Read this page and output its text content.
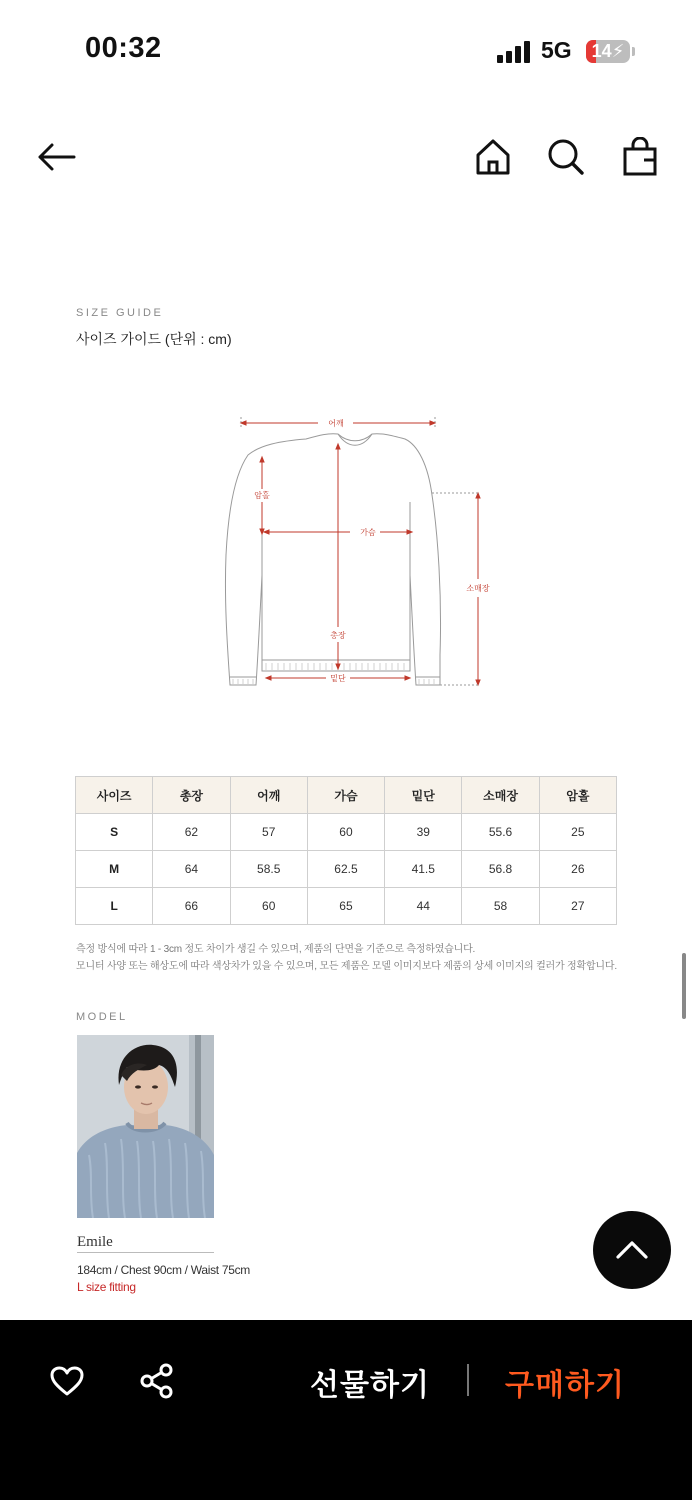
00:32	5G	14⚡
SIZE GUIDE
사이즈 가이드 (단위 : cm)
어깨
암홀
가슴
소매장
총장
밑단
사이즈	총장	어깨	가슴	밑단	소매장	암홀
S	62	57	60	39	55.6	25
M	64	58.5	62.5	41.5	56.8	26
L	66	60	65	44	58	27
측정 방식에 따라 1 - 3cm 정도 차이가 생길 수 있으며, 제품의 단면을 기준으로 측정하였습니다.
모니터 사양 또는 해상도에 따라 색상차가 있을 수 있으며, 모든 제품은 모델 이미지보다 제품의 상세 이미지의 컬러가 정확합니다.
MODEL
Emile
184cm / Chest 90cm / Waist 75cm
L size fitting
선물하기	구매하기
